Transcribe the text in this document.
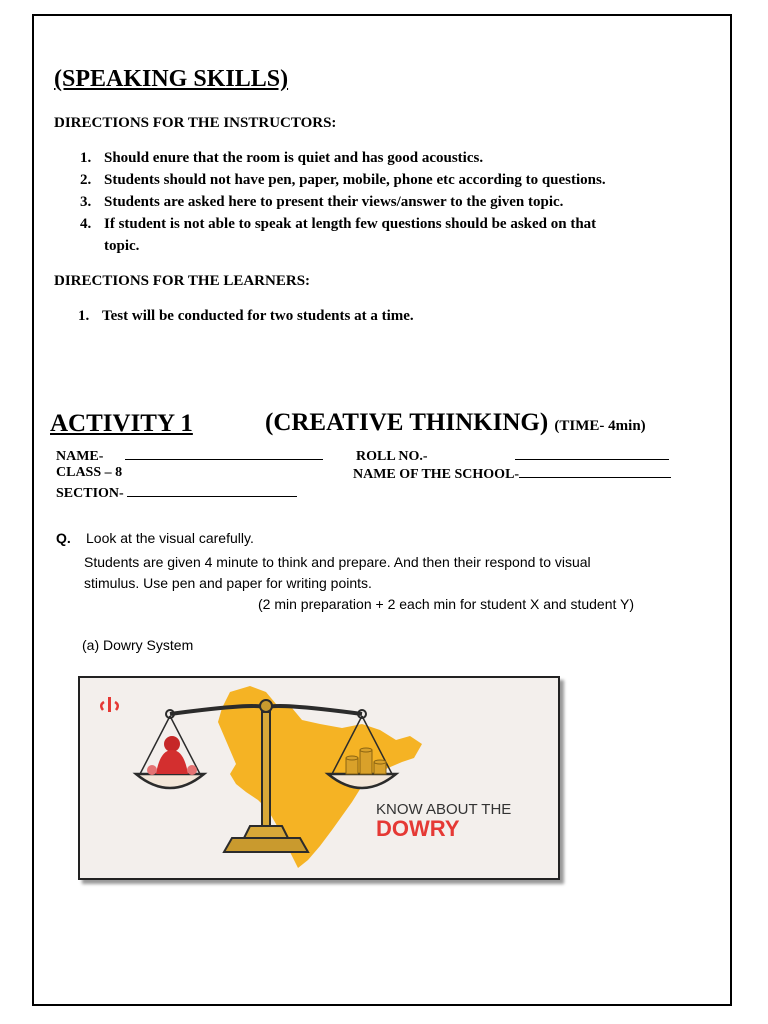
(SPEAKING SKILLS)
DIRECTIONS FOR THE INSTRUCTORS:
1. Should enure that the room is quiet and has good acoustics.
2. Students should not have pen, paper, mobile, phone etc according to questions.
3. Students are asked here to present their views/answer to the given topic.
4. If student is not able to speak at length few questions should be asked on that
topic.
DIRECTIONS FOR THE LEARNERS:
1. Test will be conducted for two students at a time.
ACTIVITY 1	(CREATIVE THINKING) (TIME- 4min)
NAME-	ROLL NO.-
CLASS – 8	NAME OF THE SCHOOL-
SECTION-
Q. Look at the visual carefully.
Students are given 4 minute to think and prepare. And then their respond to visual
stimulus. Use pen and paper for writing points.
(2 min preparation + 2 each min for student X and student Y)
(a) Dowry System
KNOW ABOUT THE
DOWRY
